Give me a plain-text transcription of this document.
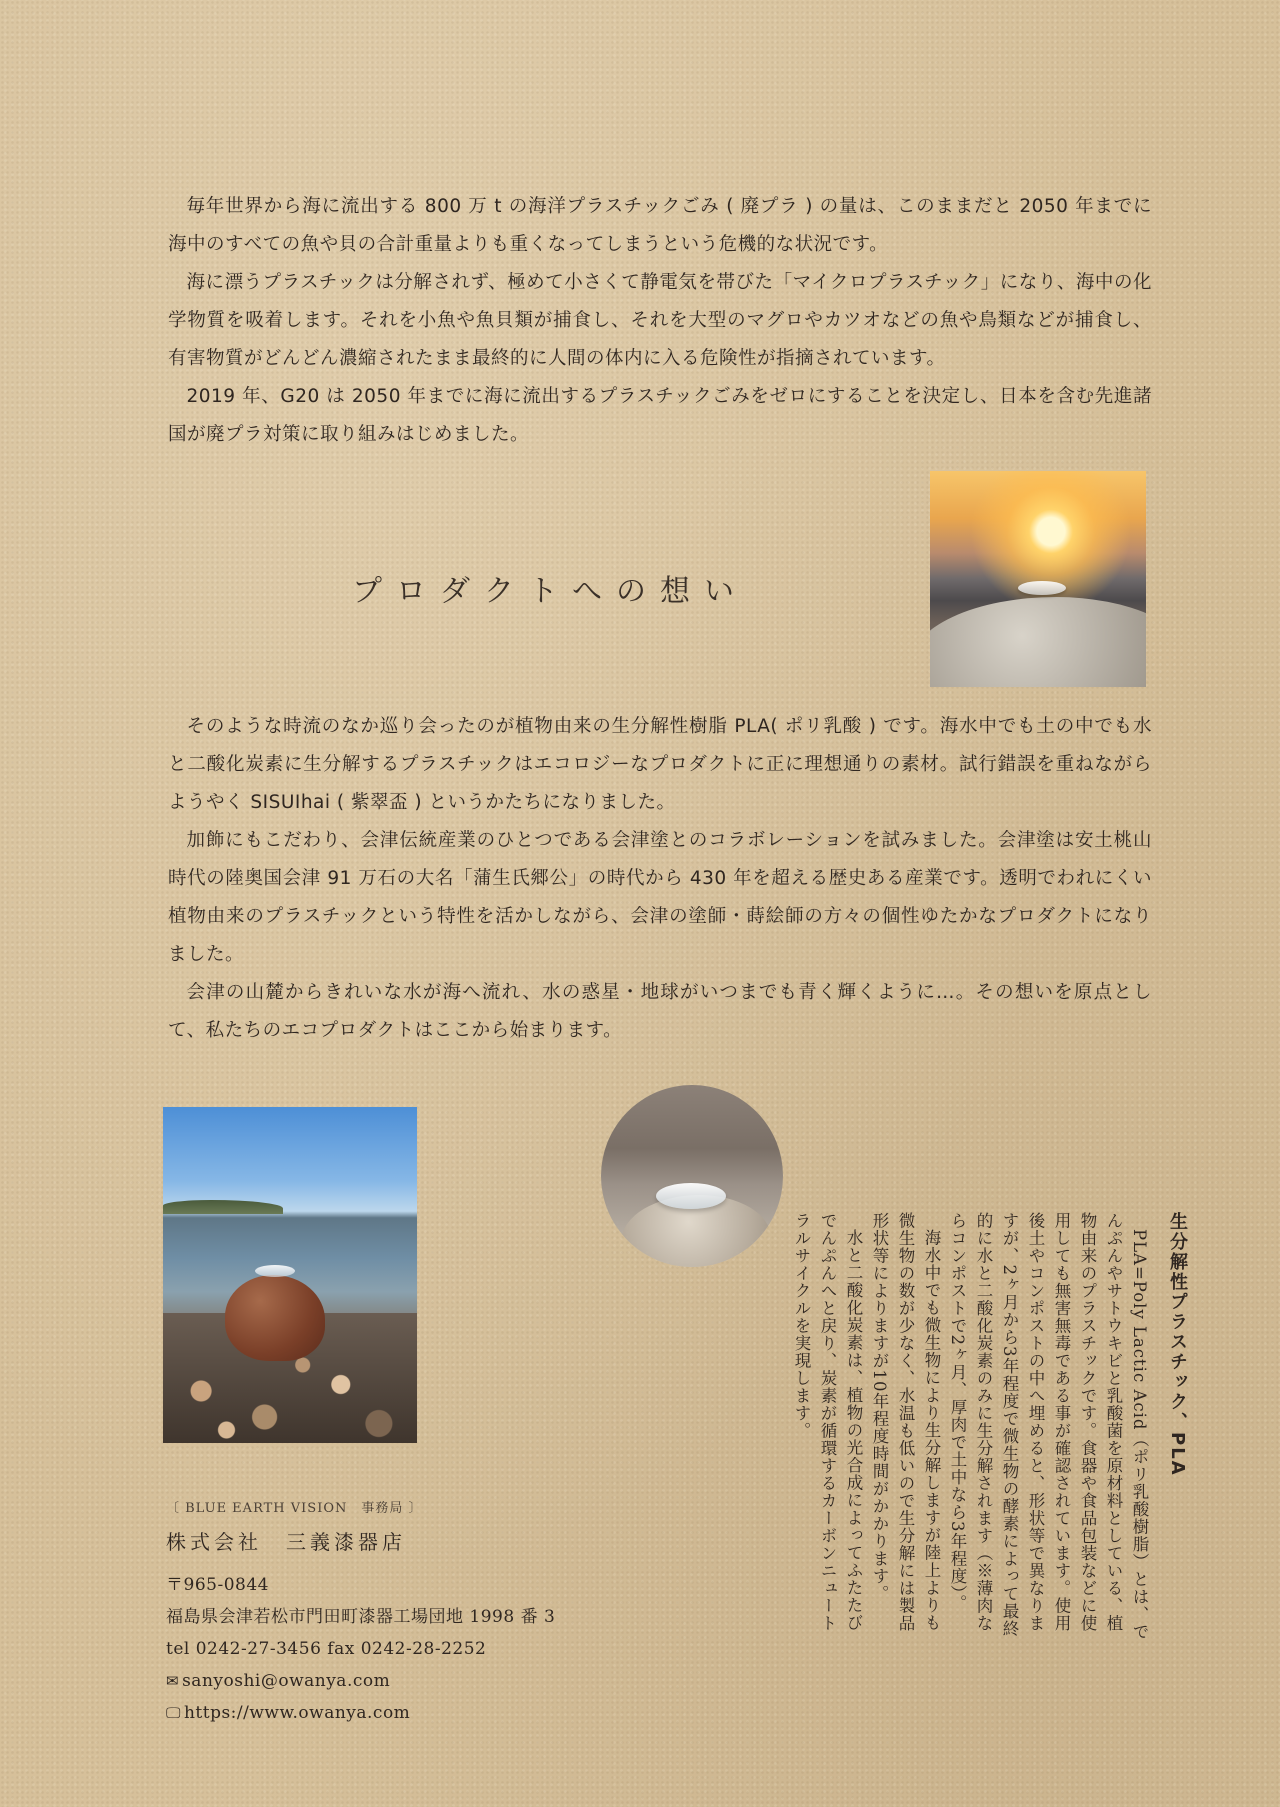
毎年世界から海に流出する 800 万 t の海洋プラスチックごみ ( 廃プラ ) の量は、このままだと 2050 年までに海中のすべての魚や貝の合計重量よりも重くなってしまうという危機的な状況です。

海に漂うプラスチックは分解されず、極めて小さくて静電気を帯びた「マイクロプラスチック」になり、海中の化学物質を吸着します。それを小魚や魚貝類が捕食し、それを大型のマグロやカツオなどの魚や鳥類などが捕食し、有害物質がどんどん濃縮されたまま最終的に人間の体内に入る危険性が指摘されています。

2019 年、G20 は 2050 年までに海に流出するプラスチックごみをゼロにすることを決定し、日本を含む先進諸国が廃プラ対策に取り組みはじめました。

プロダクトへの想い

そのような時流のなか巡り会ったのが植物由来の生分解性樹脂 PLA( ポリ乳酸 ) です。海水中でも土の中でも水と二酸化炭素に生分解するプラスチックはエコロジーなプロダクトに正に理想通りの素材。試行錯誤を重ねながらようやく SISUIhai ( 紫翠盃 ) というかたちになりました。

加飾にもこだわり、会津伝統産業のひとつである会津塗とのコラボレーションを試みました。会津塗は安土桃山時代の陸奥国会津 91 万石の大名「蒲生氏郷公」の時代から 430 年を超える歴史ある産業です。透明でわれにくい植物由来のプラスチックという特性を活かしながら、会津の塗師・蒔絵師の方々の個性ゆたかなプロダクトになりました。

会津の山麓からきれいな水が海へ流れ、水の惑星・地球がいつまでも青く輝くように…。その想いを原点として、私たちのエコプロダクトはここから始まります。

生分解性プラスチック、PLA

PLA=Poly Lactic Acid（ポリ乳酸樹脂）とは、でんぷんやサトウキビと乳酸菌を原材料としている、植物由来のプラスチックです。食器や食品包装などに使用しても無害無毒である事が確認されています。使用後土やコンポストの中へ埋めると、形状等で異なりますが、2ヶ月から3年程度で微生物の酵素によって最終的に水と二酸化炭素のみに生分解されます（※薄肉ならコンポストで2ヶ月、厚肉で土中なら3年程度）。

海水中でも微生物により生分解しますが陸上よりも微生物の数が少なく、水温も低いので生分解には製品形状等によりますが10年程度時間がかかります。

水と二酸化炭素は、植物の光合成によってふたたびでんぷんへと戻り、炭素が循環するカーボンニュートラルサイクルを実現します。

〔 BLUE EARTH VISION　事務局 〕
株式会社　三義漆器店
〒965-0844
福島県会津若松市門田町漆器工場団地 1998 番 3
tel 0242-27-3456 fax 0242-28-2252
✉ sanyoshi@owanya.com
🖵 https://www.owanya.com
